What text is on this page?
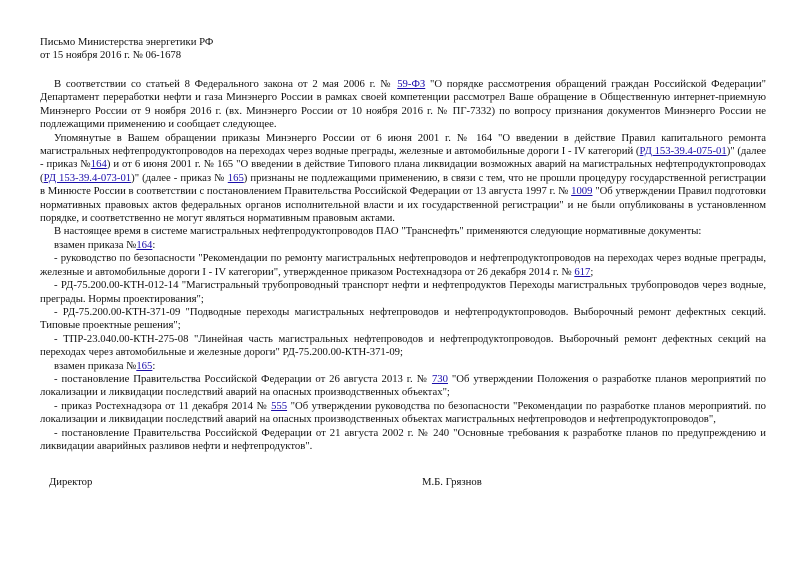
Письмо Министерства энергетики РФ
от 15 ноября 2016 г. № 06-1678

В соответствии со статьей 8 Федерального закона от 2 мая 2006 г. № 59-ФЗ "О порядке рассмотрения обращений граждан Российской Федерации" Департамент переработки нефти и газа Минэнерго России в рамках своей компетенции рассмотрел Ваше обращение в Общественную интернет-приемную Минэнерго России от 9 ноября 2016 г. (вх. Минэнерго России от 10 ноября 2016 г. № ПГ-7332) по вопросу признания документов Минэнерго России не подлежащими применению и сообщает следующее.

Упомянутые в Вашем обращении приказы Минэнерго России от 6 июня 2001 г. № 164 "О введении в действие Правил капитального ремонта магистральных нефтепродуктопроводов на переходах через водные преграды, железные и автомобильные дороги I - IV категорий (РД 153-39.4-075-01)" (далее - приказ №164) и от 6 июня 2001 г. № 165 "О введении в действие Типового плана ликвидации возможных аварий на магистральных нефтепродуктопроводах (РД 153-39.4-073-01)" (далее - приказ № 165) признаны не подлежащими применению, в связи с тем, что не прошли процедуру государственной регистрации в Минюсте России в соответствии с постановлением Правительства Российской Федерации от 13 августа 1997 г. № 1009 "Об утверждении Правил подготовки нормативных правовых актов федеральных органов исполнительной власти и их государственной регистрации" и не были опубликованы в установленном порядке, и соответственно не могут являться нормативным правовым актами.

В настоящее время в системе магистральных нефтепродуктопроводов ПАО "Транснефть" применяются следующие нормативные документы:

взамен приказа №164:

- руководство по безопасности "Рекомендации по ремонту магистральных нефтепроводов и нефтепродуктопроводов на переходах через водные преграды, железные и автомобильные дороги I - IV категории", утвержденное приказом Ростехнадзора от 26 декабря 2014 г. № 617;

- РД-75.200.00-КТН-012-14 "Магистральный трубопроводный транспорт нефти и нефтепродуктов Переходы магистральных трубопроводов через водные, преграды. Нормы проектирования";

- РД-75.200.00-КТН-371-09 "Подводные переходы магистральных нефтепроводов и нефтепродуктопроводов. Выборочный ремонт дефектных секций. Типовые проектные решения";

- ТПР-23.040.00-КТН-275-08 "Линейная часть магистральных нефтепроводов и нефтепродуктопроводов. Выборочный ремонт дефектных секций на переходах через автомобильные и железные дороги" РД-75.200.00-КТН-371-09;

взамен приказа №165:

- постановление Правительства Российской Федерации от 26 августа 2013 г. № 730 "Об утверждении Положения о разработке планов мероприятий по локализации и ликвидации последствий аварий на опасных производственных объектах";

- приказ Ростехнадзора от 11 декабря 2014 № 555 "Об утверждении руководства по безопасности "Рекомендации по разработке планов мероприятий. по локализации и ликвидации последствий аварий на опасных производственных объектах магистральных нефтепроводов и нефтепродуктопроводов",

- постановление Правительства Российской Федерации от 21 августа 2002 г. № 240 "Основные требования к разработке планов по предупреждению и ликвидации аварийных разливов нефти и нефтепродуктов".

Директор	М.Б. Грязнов
